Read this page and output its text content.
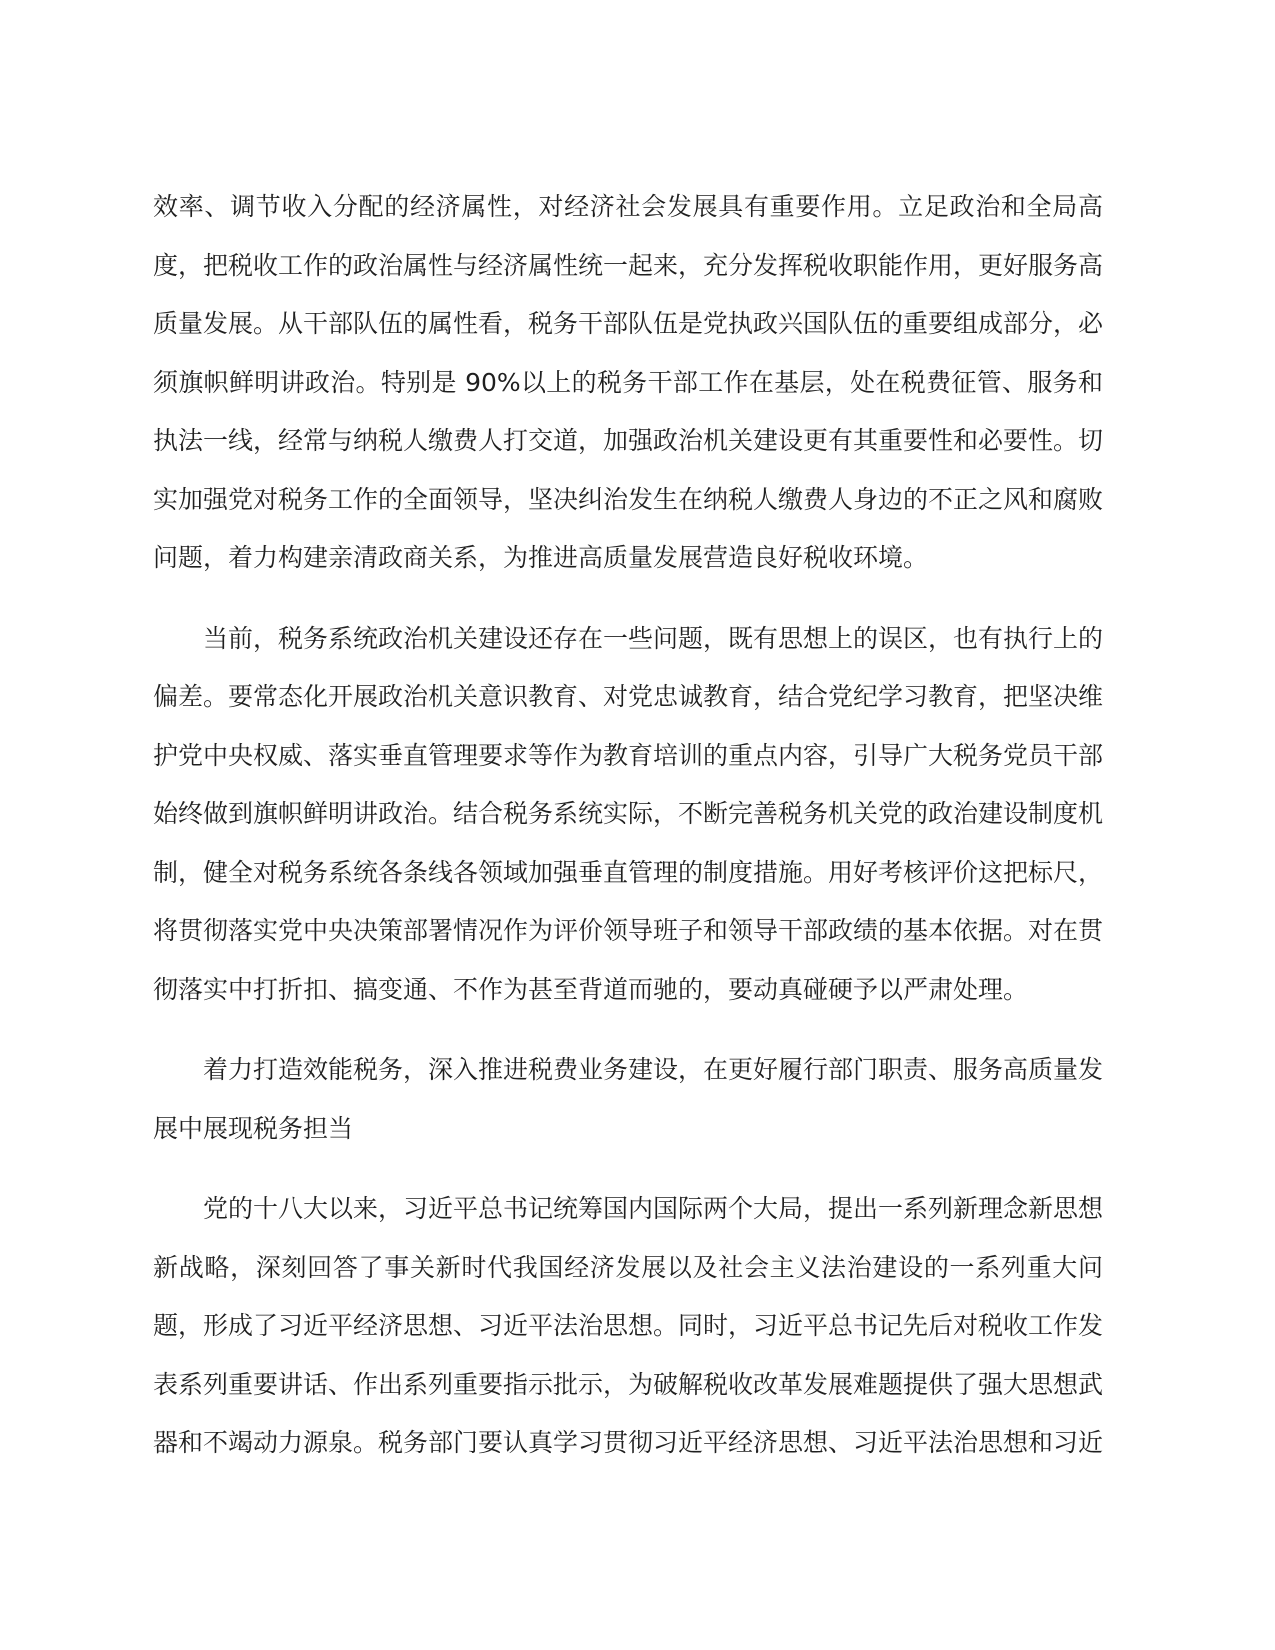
效率、调节收入分配的经济属性，对经济社会发展具有重要作用。立足政治和全局高度，把税收工作的政治属性与经济属性统一起来，充分发挥税收职能作用，更好服务高质量发展。从干部队伍的属性看，税务干部队伍是党执政兴国队伍的重要组成部分，必须旗帜鲜明讲政治。特别是 90%以上的税务干部工作在基层，处在税费征管、服务和执法一线，经常与纳税人缴费人打交道，加强政治机关建设更有其重要性和必要性。切实加强党对税务工作的全面领导，坚决纠治发生在纳税人缴费人身边的不正之风和腐败问题，着力构建亲清政商关系，为推进高质量发展营造良好税收环境。

当前，税务系统政治机关建设还存在一些问题，既有思想上的误区，也有执行上的偏差。要常态化开展政治机关意识教育、对党忠诚教育，结合党纪学习教育，把坚决维护党中央权威、落实垂直管理要求等作为教育培训的重点内容，引导广大税务党员干部始终做到旗帜鲜明讲政治。结合税务系统实际，不断完善税务机关党的政治建设制度机制，健全对税务系统各条线各领域加强垂直管理的制度措施。用好考核评价这把标尺，将贯彻落实党中央决策部署情况作为评价领导班子和领导干部政绩的基本依据。对在贯彻落实中打折扣、搞变通、不作为甚至背道而驰的，要动真碰硬予以严肃处理。

着力打造效能税务，深入推进税费业务建设，在更好履行部门职责、服务高质量发展中展现税务担当

党的十八大以来，习近平总书记统筹国内国际两个大局，提出一系列新理念新思想新战略，深刻回答了事关新时代我国经济发展以及社会主义法治建设的一系列重大问题，形成了习近平经济思想、习近平法治思想。同时，习近平总书记先后对税收工作发表系列重要讲话、作出系列重要指示批示，为破解税收改革发展难题提供了强大思想武器和不竭动力源泉。税务部门要认真学习贯彻习近平经济思想、习近平法治思想和习近
